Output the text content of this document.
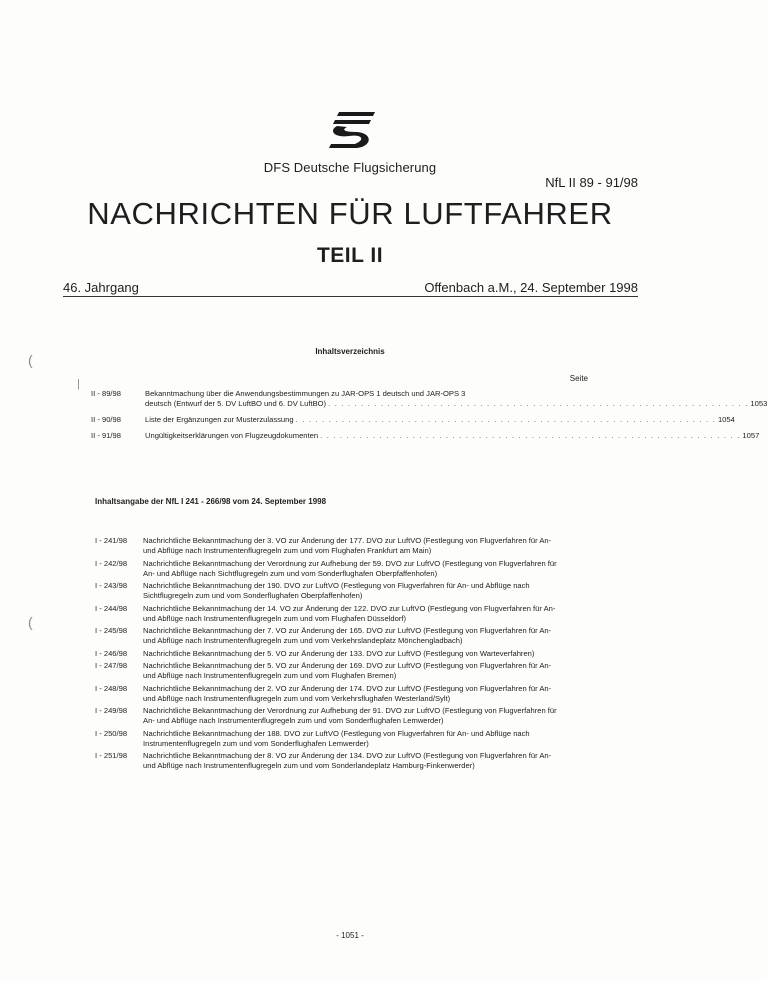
DFS Deutsche Flugsicherung
NfL II 89 - 91/98
NACHRICHTEN FÜR LUFTFAHRER
TEIL II
46. Jahrgang	Offenbach a.M., 24. September 1998
Inhaltsverzeichnis
Seite
II - 89/98	Bekanntmachung über die Anwendungsbestimmungen zu JAR-OPS 1 deutsch und JAR-OPS 3
deutsch (Entwurf der 5. DV LuftBO und 6. DV LuftBO) . . . . . . . . . . . . . . . . . . . . . . . . . . . . . . . . . . . . . . . . . . . . . . . . . . . . . . . . . . . . . . . . 1053
II - 90/98	Liste der Ergänzungen zur Musterzulassung . . . . . . . . . . . . . . . . . . . . . . . . . . . . . . . . . . . . . . . . . . . . . . . . . . . . . . . . . . . . . . . . 1054
II - 91/98	Ungültigkeitserklärungen von Flugzeugdokumenten . . . . . . . . . . . . . . . . . . . . . . . . . . . . . . . . . . . . . . . . . . . . . . . . . . . . . . . . . . . . . . . . 1057
Inhaltsangabe der NfL I 241 - 266/98 vom 24. September 1998
I - 241/98	Nachrichtliche Bekanntmachung der 3. VO zur Änderung der 177. DVO zur LuftVO (Festlegung von Flugverfahren für An- und Abflüge nach Instrumentenflugregeln zum und vom Flughafen Frankfurt am Main)
I - 242/98	Nachrichtliche Bekanntmachung der Verordnung zur Aufhebung der 59. DVO zur LuftVO (Festlegung von Flugverfahren für An- und Abflüge nach Sichtflugregeln zum und vom Sonderflughafen Oberpfaffenhofen)
I - 243/98	Nachrichtliche Bekanntmachung der 190. DVO zur LuftVO (Festlegung von Flugverfahren für An- und Abflüge nach Sichtflugregeln zum und vom Sonderflughafen Oberpfaffenhofen)
I - 244/98	Nachrichtliche Bekanntmachung der 14. VO zur Änderung der 122. DVO zur LuftVO (Festlegung von Flugverfahren für An- und Abflüge nach Instrumentenflugregeln zum und vom Flughafen Düsseldorf)
I - 245/98	Nachrichtliche Bekanntmachung der 7. VO zur Änderung der 165. DVO zur LuftVO (Festlegung von Flugverfahren für An- und Abflüge nach Instrumentenflugregeln zum und vom Verkehrslandeplatz Mönchengladbach)
I - 246/98	Nachrichtliche Bekanntmachung der 5. VO zur Änderung der 133. DVO zur LuftVO (Festlegung von Warteverfahren)
I - 247/98	Nachrichtliche Bekanntmachung der 5. VO zur Änderung der 169. DVO zur LuftVO (Festlegung von Flugverfahren für An- und Abflüge nach Instrumentenflugregeln zum und vom Flughafen Bremen)
I - 248/98	Nachrichtliche Bekanntmachung der 2. VO zur Änderung der 174. DVO zur LuftVO (Festlegung von Flugverfahren für An- und Abflüge nach Instrumentenflugregeln zum und vom Verkehrsflughafen Westerland/Sylt)
I - 249/98	Nachrichtliche Bekanntmachung der Verordnung zur Aufhebung der 91. DVO zur LuftVO (Festlegung von Flugverfahren für An- und Abflüge nach Instrumentenflugregeln zum und vom Sonderflughafen Lemwerder)
I - 250/98	Nachrichtliche Bekanntmachung der 188. DVO zur LuftVO (Festlegung von Flugverfahren für An- und Abflüge nach Instrumentenflugregeln zum und vom Sonderflughafen Lemwerder)
I - 251/98	Nachrichtliche Bekanntmachung der 8. VO zur Änderung der 134. DVO zur LuftVO (Festlegung von Flugverfahren für An- und Abflüge nach Instrumentenflugregeln zum und vom Sonderlandeplatz Hamburg-Finkenwerder)
- 1051 -
(
|
(
